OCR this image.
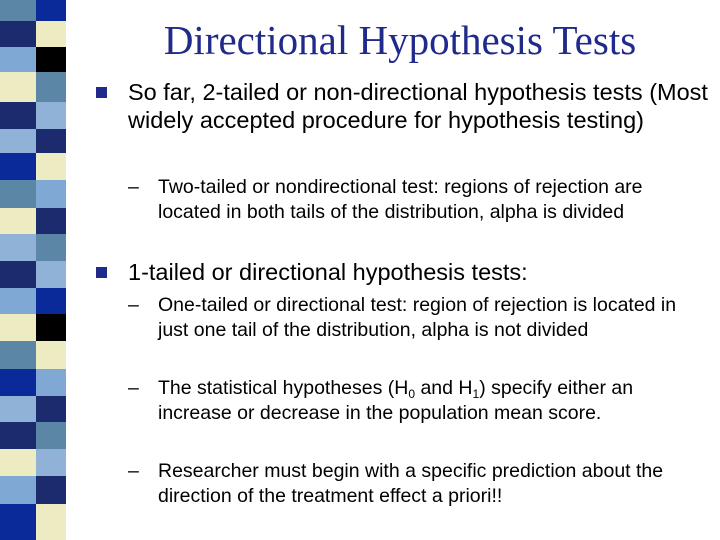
Directional Hypothesis Tests
So far, 2-tailed or non-directional hypothesis tests (Most widely accepted procedure for hypothesis testing)
– Two-tailed or nondirectional test: regions of rejection are located in both tails of the distribution, alpha is divided
1-tailed or directional hypothesis tests:
– One-tailed or directional test: region of rejection is located in just one tail of the distribution, alpha is not divided
– The statistical hypotheses ($H_0$ and $H_1$) specify either an increase or decrease in the population mean score.
– Researcher must begin with a specific prediction about the direction of the treatment effect a priori!!
